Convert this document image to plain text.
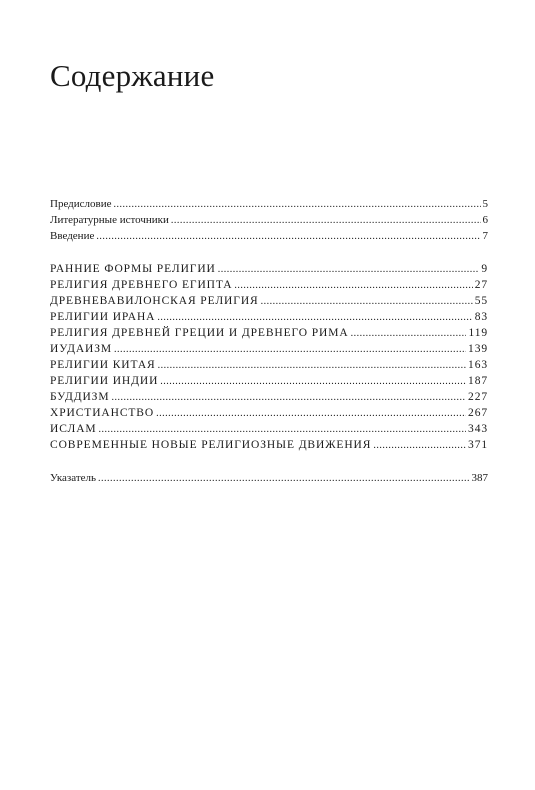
Содержание
Предисловие .....	5
Литературные источники .....	6
Введение .....	7
РАННИЕ ФОРМЫ РЕЛИГИИ .....	9
РЕЛИГИЯ ДРЕВНЕГО ЕГИПТА .....	27
ДРЕВНЕВАВИЛОНСКАЯ РЕЛИГИЯ .....	55
РЕЛИГИИ ИРАНА .....	83
РЕЛИГИЯ ДРЕВНЕЙ ГРЕЦИИ И ДРЕВНЕГО РИМА .....	119
ИУДАИЗМ .....	139
РЕЛИГИИ КИТАЯ .....	163
РЕЛИГИИ ИНДИИ .....	187
БУДДИЗМ .....	227
ХРИСТИАНСТВО .....	267
ИСЛАМ .....	343
СОВРЕМЕННЫЕ НОВЫЕ РЕЛИГИОЗНЫЕ ДВИЖЕНИЯ .....	371
Указатель .....	387
